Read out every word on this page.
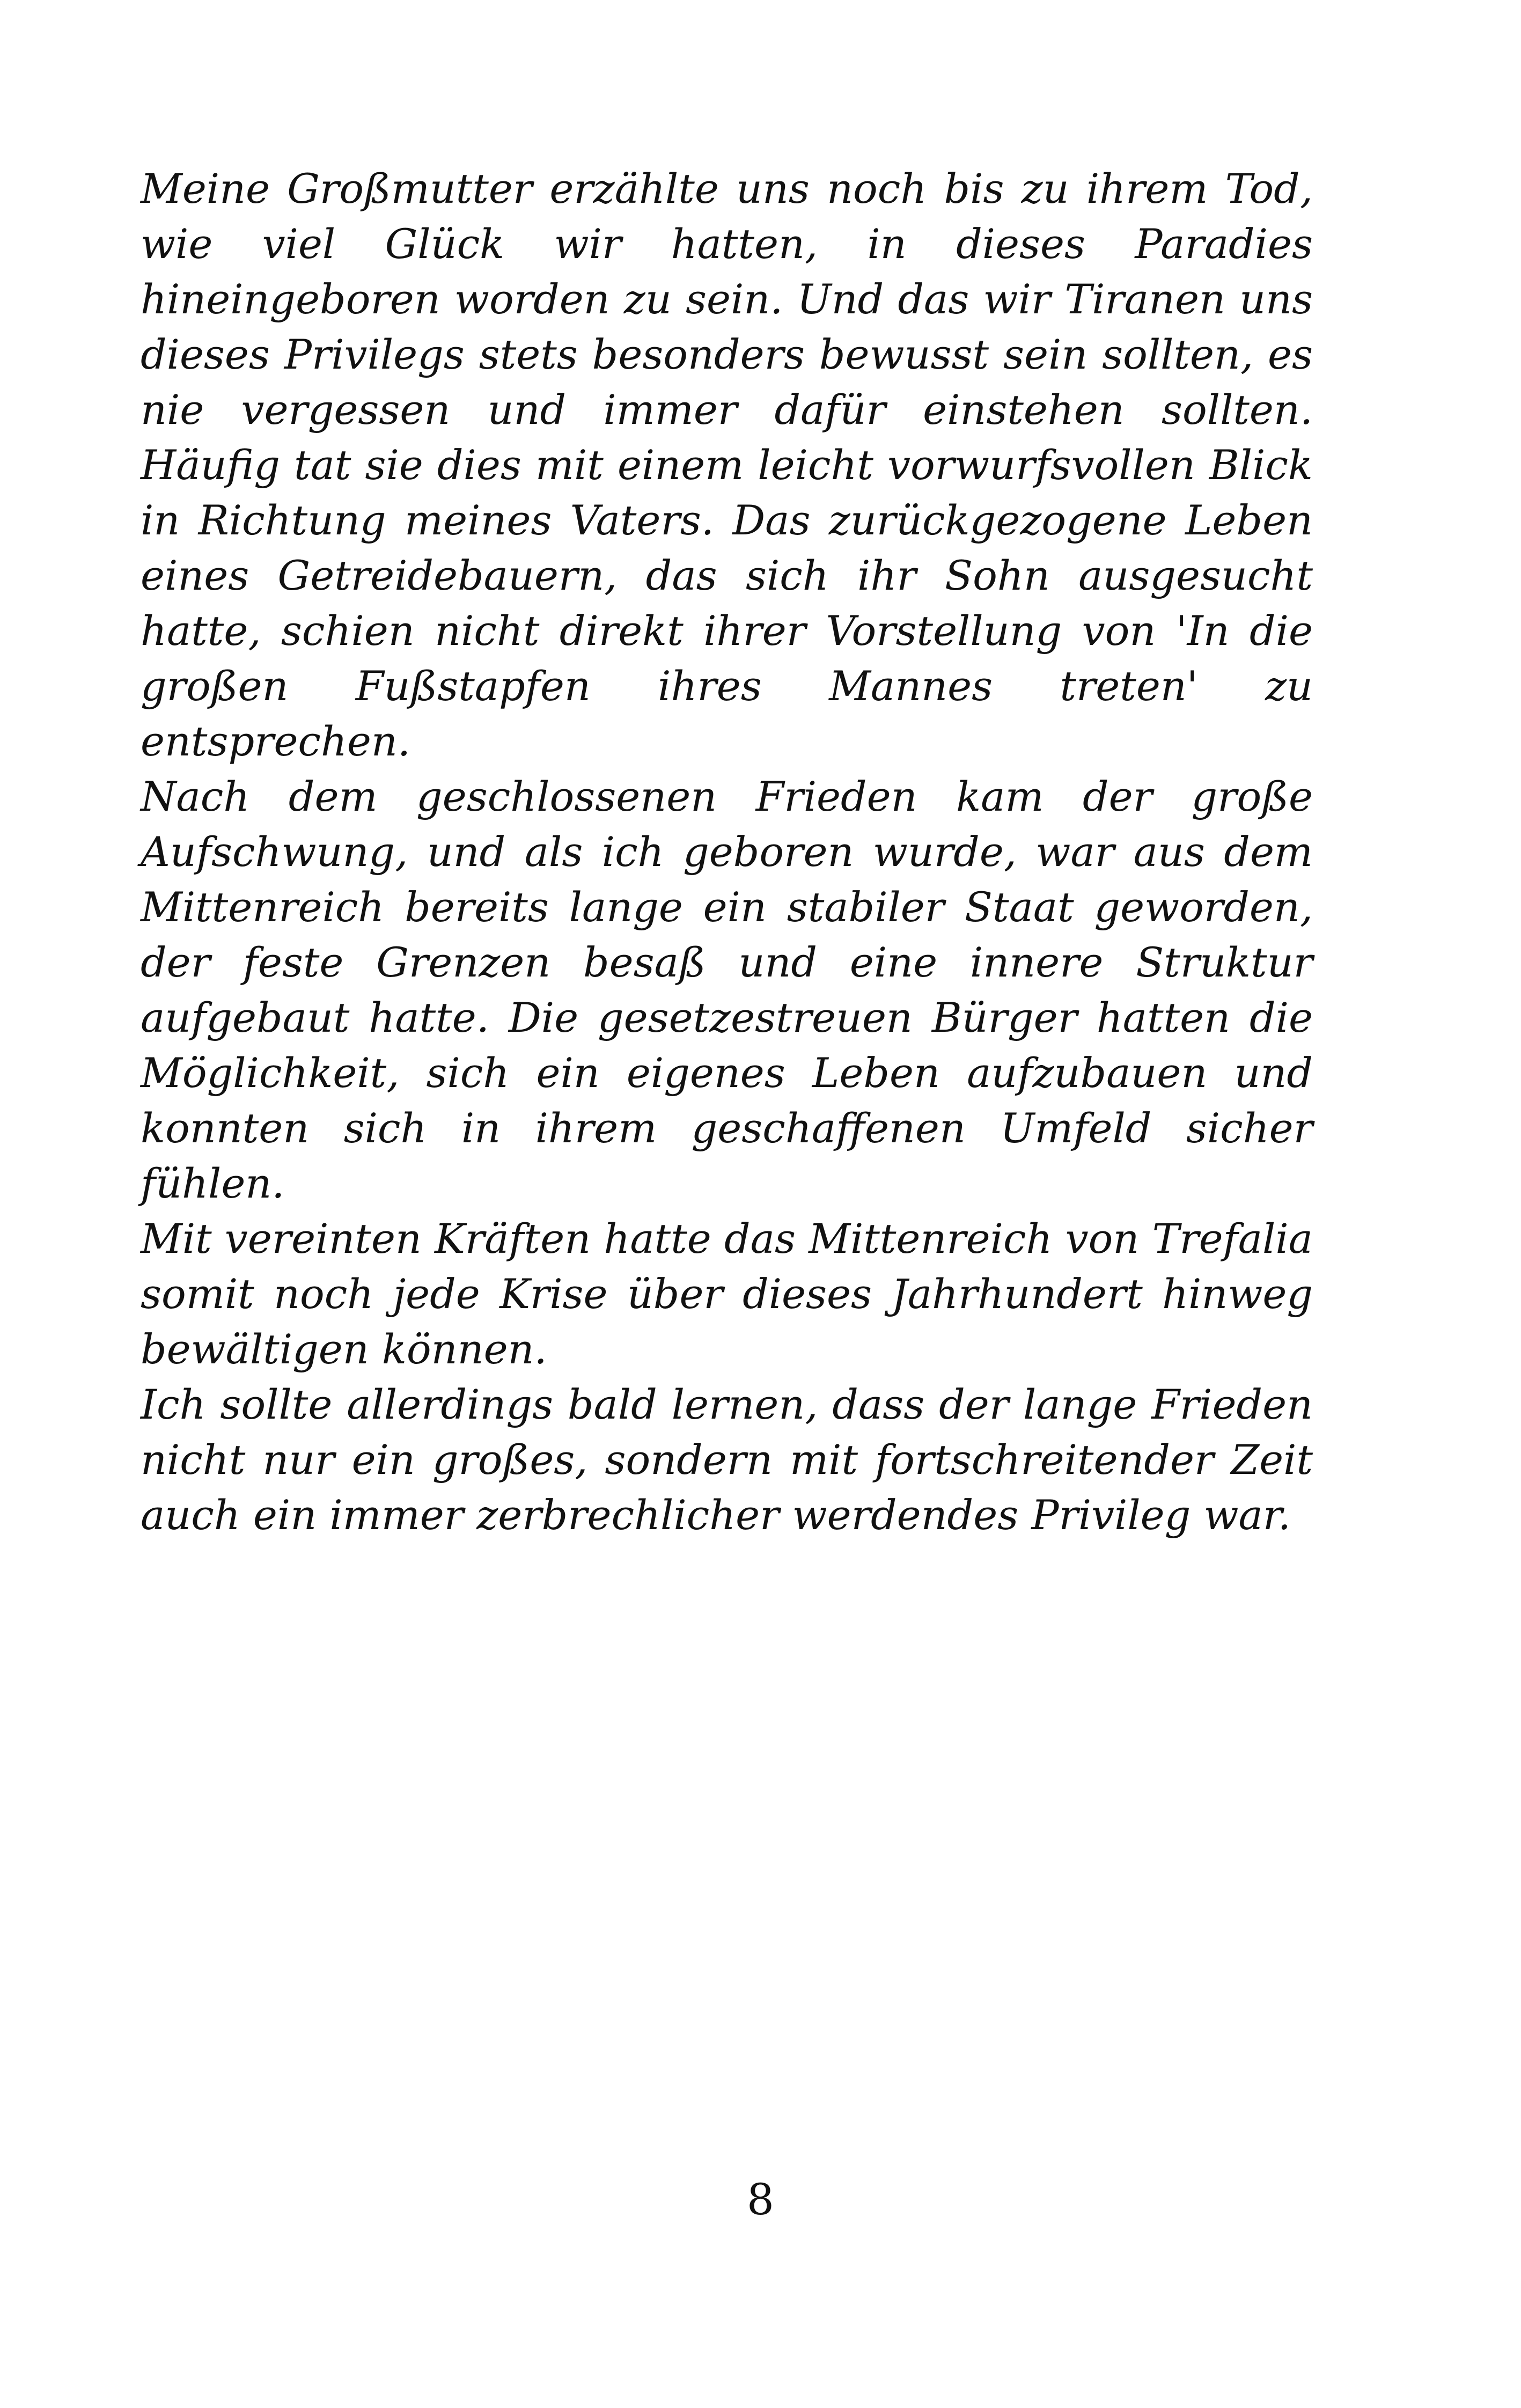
Meine Großmutter erzählte uns noch bis zu ihrem Tod, wie viel Glück wir hatten, in dieses Paradies hineingeboren worden zu sein. Und das wir Tiranen uns dieses Privilegs stets besonders bewusst sein sollten, es nie vergessen und immer dafür einstehen sollten. Häufig tat sie dies mit einem leicht vorwurfsvollen Blick in Richtung meines Vaters. Das zurückgezogene Leben eines Getreidebauern, das sich ihr Sohn ausgesucht hatte, schien nicht direkt ihrer Vorstellung von 'In die großen Fußstapfen ihres Mannes treten' zu entsprechen.

Nach dem geschlossenen Frieden kam der große Aufschwung, und als ich geboren wurde, war aus dem Mittenreich bereits lange ein stabiler Staat geworden, der feste Grenzen besaß und eine innere Struktur aufgebaut hatte. Die gesetzestreuen Bürger hatten die Möglichkeit, sich ein eigenes Leben aufzubauen und konnten sich in ihrem geschaffenen Umfeld sicher fühlen.

Mit vereinten Kräften hatte das Mittenreich von Trefalia somit noch jede Krise über dieses Jahrhundert hinweg bewältigen können.

Ich sollte allerdings bald lernen, dass der lange Frieden nicht nur ein großes, sondern mit fortschreitender Zeit auch ein immer zerbrechlicher werdendes Privileg war.

8
